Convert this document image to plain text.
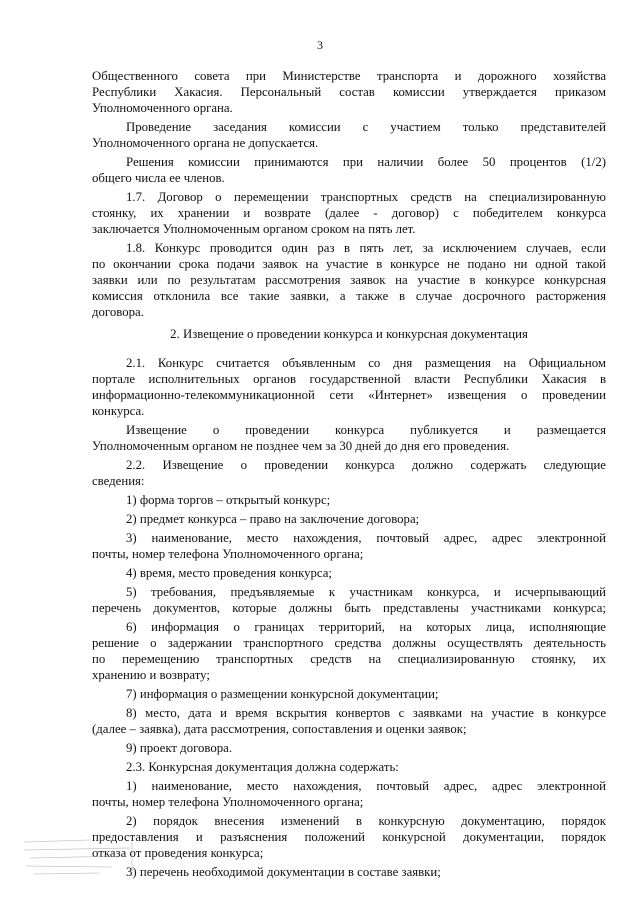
3
Общественного совета при Министерстве транспорта и дорожного хозяйства
Республики Хакасия. Персональный состав комиссии утверждается приказом
Уполномоченного органа.
Проведение заседания комиссии с участием только представителей
Уполномоченного органа не допускается.
Решения комиссии принимаются при наличии более 50 процентов (1/2)
общего числа ее членов.
1.7. Договор о перемещении транспортных средств на специализированную
стоянку, их хранении и возврате (далее - договор) с победителем конкурса
заключается Уполномоченным органом сроком на пять лет.
1.8. Конкурс проводится один раз в пять лет, за исключением случаев, если
по окончании срока подачи заявок на участие в конкурсе не подано ни одной такой
заявки или по результатам рассмотрения заявок на участие в конкурсе конкурсная
комиссия отклонила все такие заявки, а также в случае досрочного расторжения
договора.
2. Извещение о проведении конкурса и конкурсная документация
2.1. Конкурс считается объявленным со дня размещения на Официальном
портале исполнительных органов государственной власти Республики Хакасия в
информационно-телекоммуникационной сети «Интернет» извещения о проведении
конкурса.
Извещение о проведении конкурса публикуется и размещается
Уполномоченным органом не позднее чем за 30 дней до дня его проведения.
2.2. Извещение о проведении конкурса должно содержать следующие
сведения:
1) форма торгов – открытый конкурс;
2) предмет конкурса – право на заключение договора;
3) наименование, место нахождения, почтовый адрес, адрес электронной
почты, номер телефона Уполномоченного органа;
4) время, место проведения конкурса;
5) требования, предъявляемые к участникам конкурса, и исчерпывающий
перечень документов, которые должны быть представлены участниками конкурса;
6) информация о границах территорий, на которых лица, исполняющие
решение о задержании транспортного средства должны осуществлять деятельность
по перемещению транспортных средств на специализированную стоянку, их
хранению и возврату;
7) информация о размещении конкурсной документации;
8) место, дата и время вскрытия конвертов с заявками на участие в конкурсе
(далее – заявка), дата рассмотрения, сопоставления и оценки заявок;
9) проект договора.
2.3. Конкурсная документация должна содержать:
1) наименование, место нахождения, почтовый адрес, адрес электронной
почты, номер телефона Уполномоченного органа;
2) порядок внесения изменений в конкурсную документацию, порядок
предоставления и разъяснения положений конкурсной документации, порядок
отказа от проведения конкурса;
3) перечень необходимой документации в составе заявки;
